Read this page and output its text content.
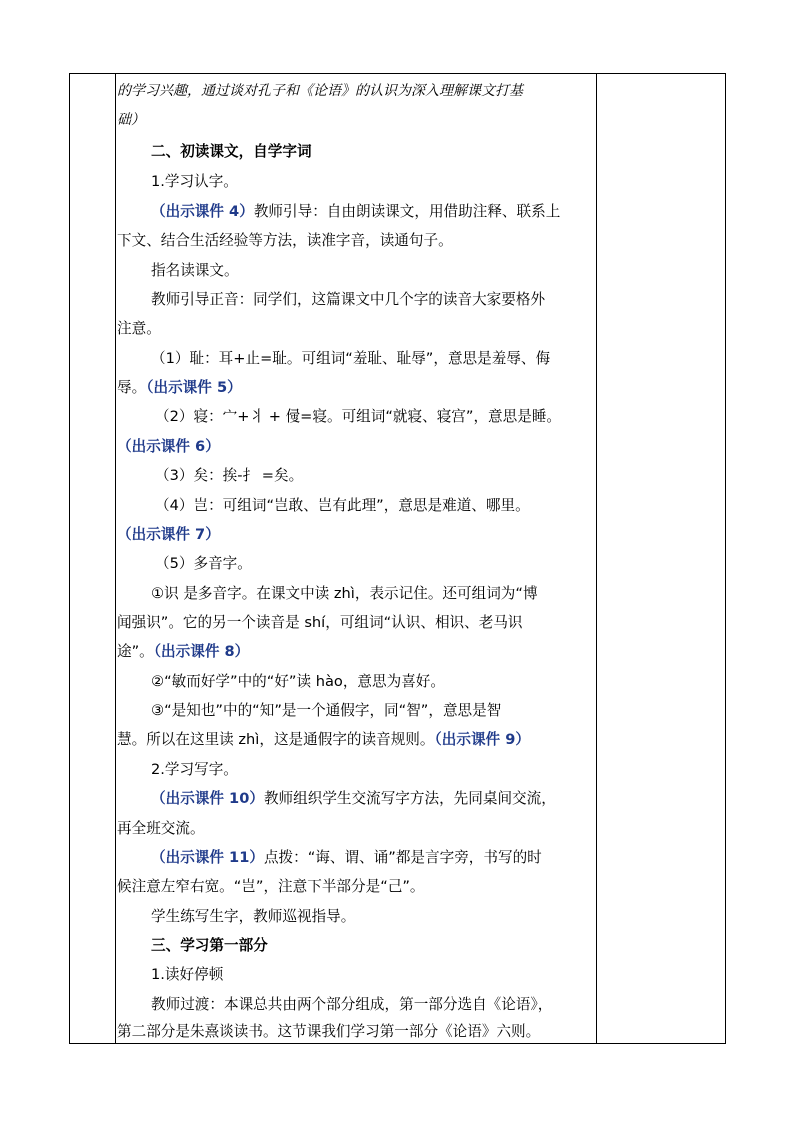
的学习兴趣，通过谈对孔子和《论语》的认识为深入理解课文打基
础）
二、初读课文，自学字词
1.学习认字。
（出示课件 4）教师引导：自由朗读课文，用借助注释、联系上
下文、结合生活经验等方法，读准字音，读通句子。
指名读课文。
教师引导正音：同学们，这篇课文中几个字的读音大家要格外
注意。
（1）耻：耳+止=耻。可组词“羞耻、耻辱”，意思是羞辱、侮
辱。（出示课件 5）
（2）寝：宀+丬 + 㑴=寝。可组词“就寝、寝宫”，意思是睡。
（出示课件 6）
（3）矣：挨-扌 =矣。
（4）岂：可组词“岂敢、岂有此理”，意思是难道、哪里。
（出示课件 7）
（5）多音字。
①识 是多音字。在课文中读 zhì，表示记住。还可组词为“博
闻强识”。它的另一个读音是 shí，可组词“认识、相识、老马识
途”。（出示课件 8）
②“敏而好学”中的“好”读 hào，意思为喜好。
③“是知也”中的“知”是一个通假字，同“智”，意思是智
慧。所以在这里读 zhì，这是通假字的读音规则。（出示课件 9）
2.学习写字。
（出示课件 10）教师组织学生交流写字方法，先同桌间交流，
再全班交流。
（出示课件 11）点拨：“诲、谓、诵”都是言字旁，书写的时
候注意左窄右宽。“岂”，注意下半部分是“己”。
学生练写生字，教师巡视指导。
三、学习第一部分
1.读好停顿
教师过渡：本课总共由两个部分组成，第一部分选自《论语》，
第二部分是朱熹谈读书。这节课我们学习第一部分《论语》六则。
